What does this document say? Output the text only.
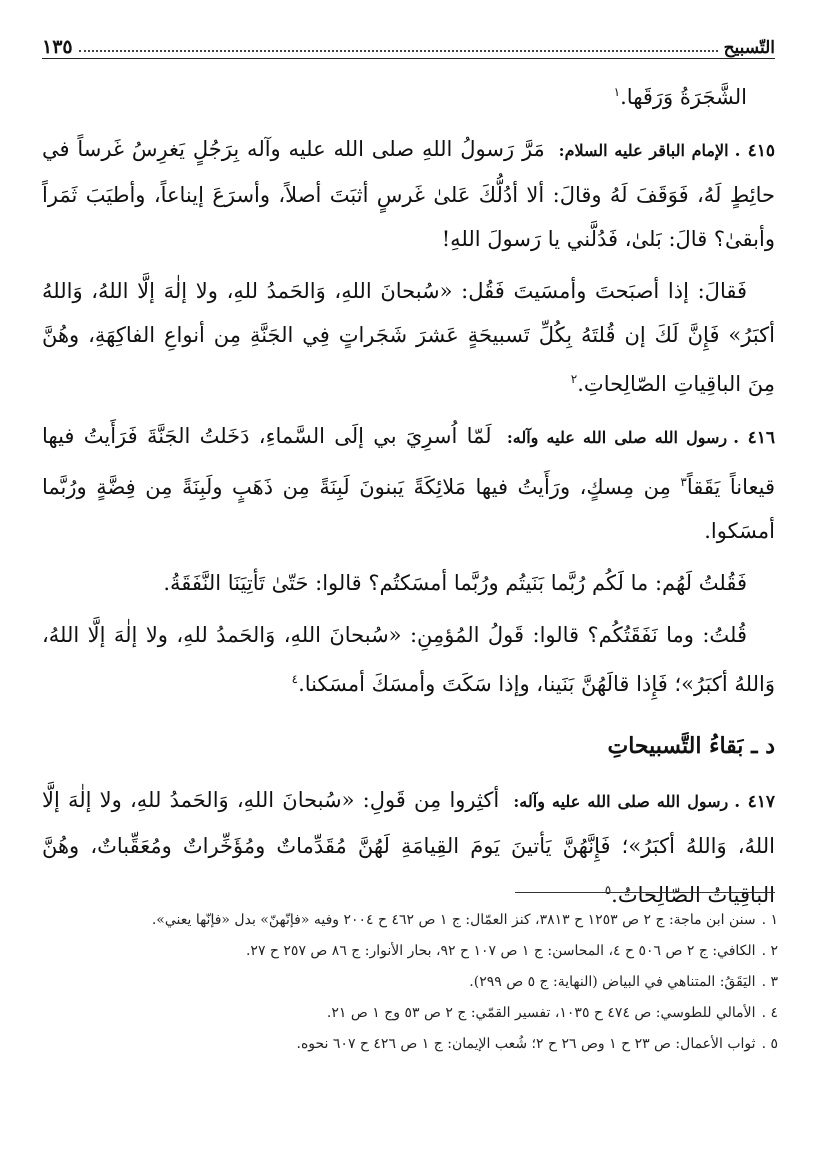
التّسبيح
١٣٥

الشَّجَرَةُ وَرَقَها.$^١$

٤١٥ .الإمام الباقر عليه السلام: مَرَّ رَسولُ اللهِ صلى الله عليه وآله بِرَجُلٍ يَغرِسُ غَرساً في حائِطٍ لَهُ، فَوَقَفَ لَهُ وقالَ: ألا أدُلُّكَ عَلىٰ غَرسٍ أثبَتَ أصلاً، وأسرَعَ إيناعاً، وأطيَبَ ثَمَراً وأبقىٰ؟ قالَ: بَلىٰ، فَدُلَّني يا رَسولَ اللهِ!

فَقالَ: إذا أصبَحتَ وأمسَيتَ فَقُل: «سُبحانَ اللهِ، وَالحَمدُ للهِ، ولا إلٰهَ إلَّا اللهُ، وَاللهُ أكبَرُ» فَإِنَّ لَكَ إن قُلتَهُ بِكُلِّ تَسبيحَةٍ عَشرَ شَجَراتٍ فِي الجَنَّةِ مِن أنواعِ الفاكِهَةِ، وهُنَّ مِنَ الباقِياتِ الصّالِحاتِ.$^٢$

٤١٦ .رسول الله صلى الله عليه وآله: لَمّا اُسرِيَ بي إلَى السَّماءِ، دَخَلتُ الجَنَّةَ فَرَأَيتُ فيها قيعاناً يَقَقاً$^٣$ مِن مِسكٍ، ورَأَيتُ فيها مَلائِكَةً يَبنونَ لَبِنَةً مِن ذَهَبٍ ولَبِنَةً مِن فِضَّةٍ ورُبَّما أمسَكوا.

فَقُلتُ لَهُم: ما لَكُم رُبَّما بَنَيتُم ورُبَّما أمسَكتُم؟ قالوا: حَتّىٰ تَأتِيَنَا النَّفَقَةُ.

قُلتُ: وما نَفَقَتُكُم؟ قالوا: قَولُ المُؤمِنِ: «سُبحانَ اللهِ، وَالحَمدُ للهِ، ولا إلٰهَ إلَّا اللهُ، وَاللهُ أكبَرُ»؛ فَإِذا قالَهُنَّ بَنَينا، وإذا سَكَتَ وأمسَكَ أمسَكنا.$^٤$

د ـ بَقاءُ التَّسبيحاتِ

٤١٧ .رسول الله صلى الله عليه وآله: أكثِروا مِن قَولِ: «سُبحانَ اللهِ، وَالحَمدُ للهِ، ولا إلٰهَ إلَّا اللهُ، وَاللهُ أكبَرُ»؛ فَإِنَّهُنَّ يَأتينَ يَومَ القِيامَةِ لَهُنَّ مُقَدِّماتٌ ومُؤَخِّراتٌ ومُعَقِّباتٌ، وهُنَّ الباقِياتُ الصّالِحاتُ.$^٥$

١ .سنن ابن ماجة: ج ٢ ص ١٢٥٣ ح ٣٨١٣، كنز العمّال: ج ١ ص ٤٦٢ ح ٢٠٠٤ وفيه «فإنّهنّ» بدل «فإنّها يعني».
٢ .الكافي: ج ٢ ص ٥٠٦ ح ٤، المحاسن: ج ١ ص ١٠٧ ح ٩٢، بحار الأنوار: ج ٨٦ ص ٢٥٧ ح ٢٧.
٣ .اليَقَقُ: المتناهي في البياض (النهاية: ج ٥ ص ٢٩٩).
٤ .الأمالي للطوسي: ص ٤٧٤ ح ١٠٣٥، تفسير القمّي: ج ٢ ص ٥٣ وج ١ ص ٢١.
٥ .ثواب الأعمال: ص ٢٣ ح ١ وص ٢٦ ح ٢؛ شُعب الإيمان: ج ١ ص ٤٢٦ ح ٦٠٧ نحوه.
